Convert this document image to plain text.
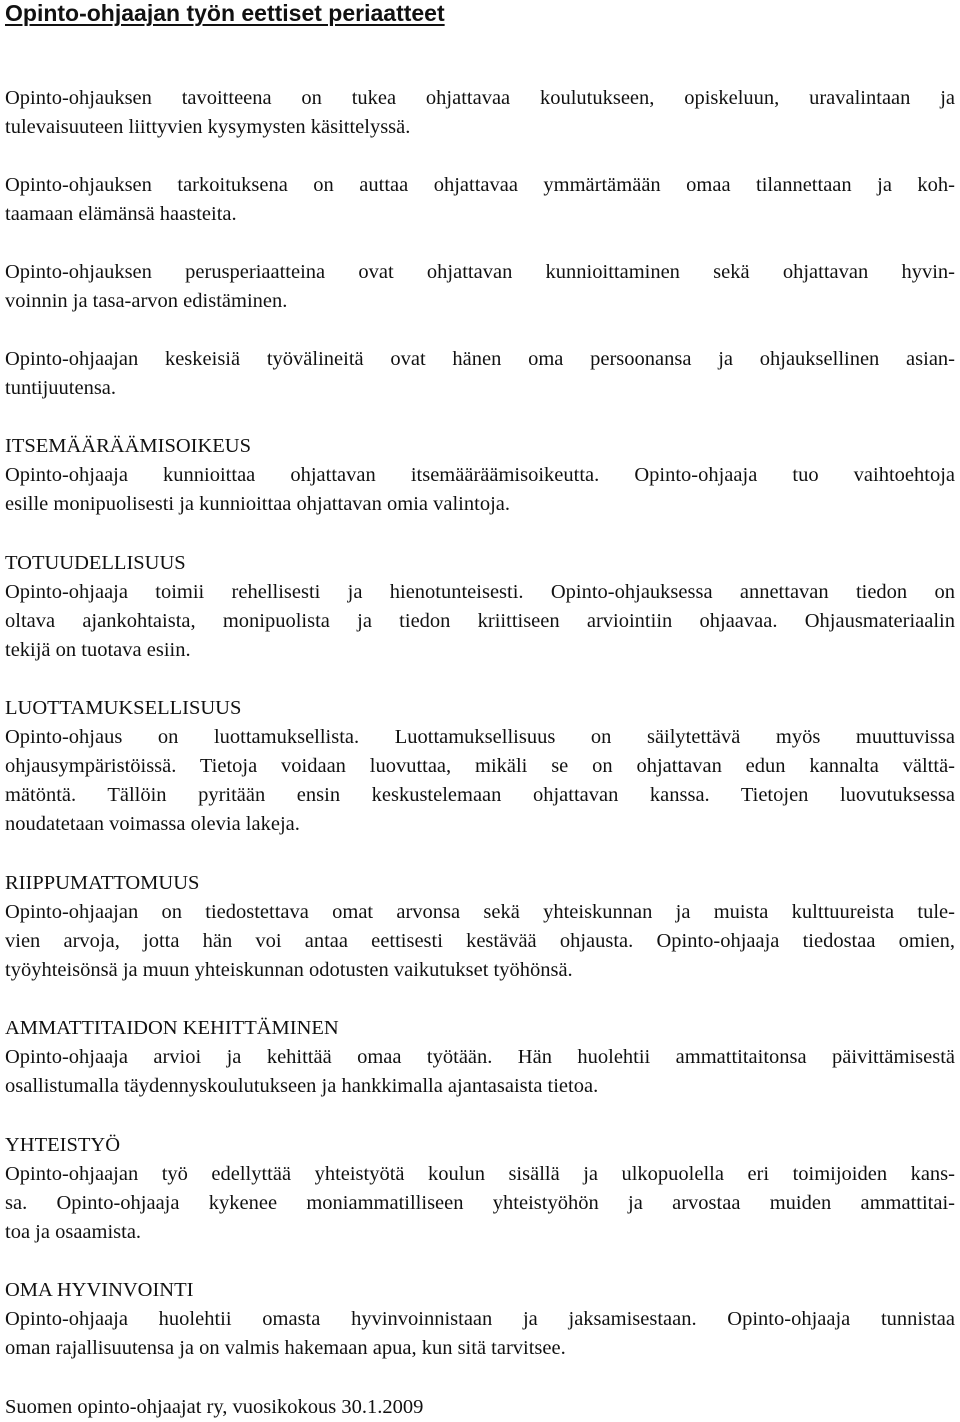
Opinto-ohjaajan työn eettiset periaatteet

Opinto-ohjauksen tavoitteena on tukea ohjattavaa koulutukseen, opiskeluun, uravalintaan ja
tulevaisuuteen liittyvien kysymysten käsittelyssä.

Opinto-ohjauksen tarkoituksena on auttaa ohjattavaa ymmärtämään omaa tilannettaan ja koh-
taamaan elämänsä haasteita.

Opinto-ohjauksen perusperiaatteina ovat ohjattavan kunnioittaminen sekä ohjattavan hyvin-
voinnin ja tasa-arvon edistäminen.

Opinto-ohjaajan keskeisiä työvälineitä ovat hänen oma persoonansa ja ohjauksellinen asian-
tuntijuutensa.

ITSEMÄÄRÄÄMISOIKEUS
Opinto-ohjaaja kunnioittaa ohjattavan itsemääräämisoikeutta. Opinto-ohjaaja tuo vaihtoehtoja
esille monipuolisesti ja kunnioittaa ohjattavan omia valintoja.
TOTUUDELLISUUS
Opinto-ohjaaja toimii rehellisesti ja hienotunteisesti. Opinto-ohjauksessa annettavan tiedon on
oltava ajankohtaista, monipuolista ja tiedon kriittiseen arviointiin ohjaavaa. Ohjausmateriaalin
tekijä on tuotava esiin.
LUOTTAMUKSELLISUUS
Opinto-ohjaus on luottamuksellista. Luottamuksellisuus on säilytettävä myös muuttuvissa
ohjausympäristöissä. Tietoja voidaan luovuttaa, mikäli se on ohjattavan edun kannalta välttä-
mätöntä. Tällöin pyritään ensin keskustelemaan ohjattavan kanssa. Tietojen luovutuksessa
noudatetaan voimassa olevia lakeja.
RIIPPUMATTOMUUS
Opinto-ohjaajan on tiedostettava omat arvonsa sekä yhteiskunnan ja muista kulttuureista tule-
vien arvoja, jotta hän voi antaa eettisesti kestävää ohjausta. Opinto-ohjaaja tiedostaa omien,
työyhteisönsä ja muun yhteiskunnan odotusten vaikutukset työhönsä.
AMMATTITAIDON KEHITTÄMINEN
Opinto-ohjaaja arvioi ja kehittää omaa työtään. Hän huolehtii ammattitaitonsa päivittämisestä
osallistumalla täydennyskoulutukseen ja hankkimalla ajantasaista tietoa.
YHTEISTYÖ
Opinto-ohjaajan työ edellyttää yhteistyötä koulun sisällä ja ulkopuolella eri toimijoiden kans-
sa. Opinto-ohjaaja kykenee moniammatilliseen yhteistyöhön ja arvostaa muiden ammattitai-
toa ja osaamista.
OMA HYVINVOINTI
Opinto-ohjaaja huolehtii omasta hyvinvoinnistaan ja jaksamisestaan. Opinto-ohjaaja tunnistaa
oman rajallisuutensa ja on valmis hakemaan apua, kun sitä tarvitsee.
Suomen opinto-ohjaajat ry, vuosikokous 30.1.2009
